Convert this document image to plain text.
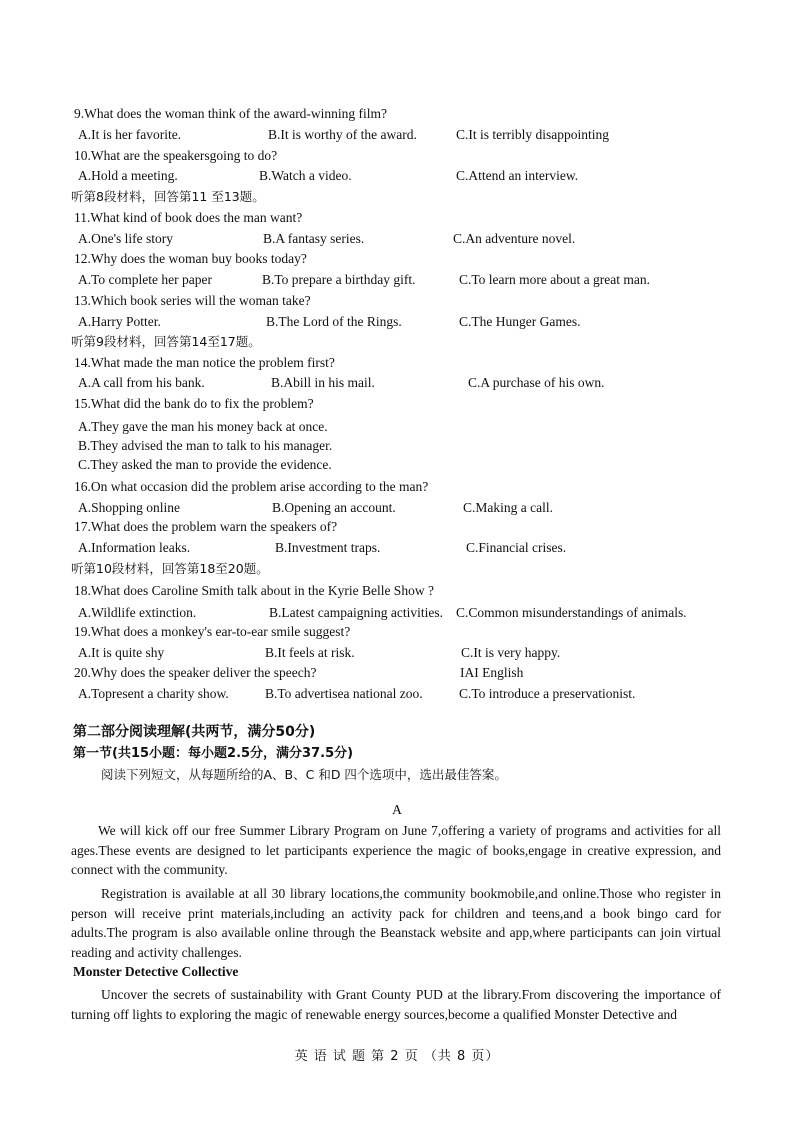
9.What does the woman think of the award-winning film?
A.It is her favorite.	B.It is worthy of the award.	C.It is terribly disappointing
10.What are the speakersgoing to do?
A.Hold a meeting.	B.Watch a video.	C.Attend an interview.
听第8段材料，回答第11 至13题。
11.What kind of book does the man want?
A.One's life story	B.A fantasy series.	C.An adventure novel.
12.Why does the woman buy books today?
A.To complete her paper	B.To prepare a birthday gift.	C.To learn more about a great man.
13.Which book series will the woman take?
A.Harry Potter.	B.The Lord of the Rings.	C.The Hunger Games.
听第9段材料，回答第14至17题。
14.What made the man notice the problem first?
A.A call from his bank.	B.Abill in his mail.	C.A purchase of his own.
15.What did the bank do to fix the problem?
A.They gave the man his money back at once.
B.They advised the man to talk to his manager.
C.They asked the man to provide the evidence.
16.On what occasion did the problem arise according to the man?
A.Shopping online	B.Opening an account.	C.Making a call.
17.What does the problem warn the speakers of?
A.Information leaks.	B.Investment traps.	C.Financial crises.
听第10段材料，回答第18至20题。
18.What does Caroline Smith talk about in the Kyrie Belle Show ?
A.Wildlife extinction.	B.Latest campaigning activities. C.Common misunderstandings of animals.
19.What does a monkey's ear-to-ear smile suggest?
A.It is quite shy	B.It feels at risk.	C.It is very happy.
20.Why does the speaker deliver the speech?	IAI English
A.Topresent a charity show.	B.To advertisea national zoo.	C.To introduce a preservationist.
第二部分阅读理解(共两节，满分50分)
第一节(共15小题：每小题2.5分，满分37.5分)
阅读下列短文，从每题所给的A、B、C 和D 四个选项中，选出最佳答案。
A
We will kick off our free Summer Library Program on June 7,offering a variety of programs and activities for all ages.These events are designed to let participants experience the magic of books,engage in creative expression, and connect with the community.
Registration is available at all 30 library locations,the community bookmobile,and online.Those who register in person will receive print materials,including an activity pack for children and teens,and a book bingo card for adults.The program is also available online through the Beanstack website and app,where participants can join virtual reading and activity challenges.
Monster Detective Collective
Uncover the secrets of sustainability with Grant County PUD at the library.From discovering the importance of turning off lights to exploring the magic of renewable energy sources,become a qualified Monster Detective and
英 语 试 题 第 2 页 （共 8 页）
